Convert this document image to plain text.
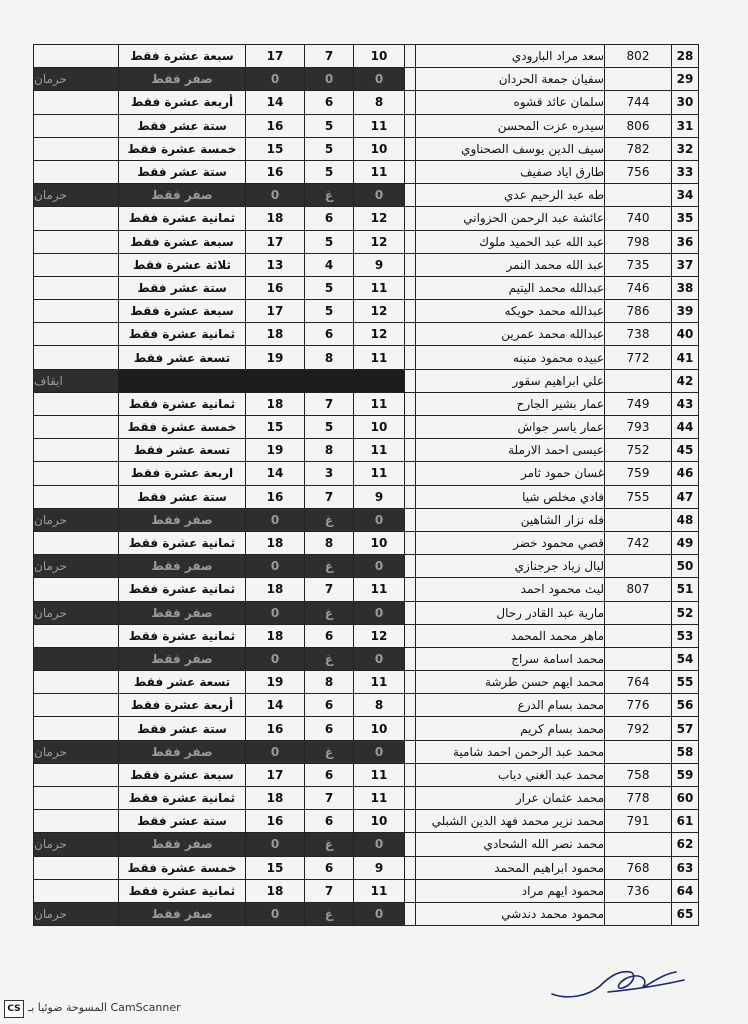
	سبعة عشرة فقط	17	7	10		سعد مراد البارودي	802	28
حرمان	صفر فقط	0	0	0		سفيان جمعة الحردان		29
	أربعة عشرة فقط	14	6	8		سلمان عائد قشوه	744	30
	ستة عشر فقط	16	5	11		سيدره عزت المحسن	806	31
	خمسة عشرة فقط	15	5	10		سيف الدين يوسف الصحناوي	782	32
	ستة عشر فقط	16	5	11		طارق اياد صفيف	756	33
حرمان	صفر فقط	0	غ	0		طه عبد الرحيم عدي		34
	ثمانية عشرة فقط	18	6	12		عائشة عبد الرحمن الحزواني	740	35
	سبعة عشرة فقط	17	5	12		عبد الله عبد الحميد ملوك	798	36
	ثلاثة عشرة فقط	13	4	9		عبد الله محمد النمر	735	37
	ستة عشر فقط	16	5	11		عبدالله محمد اليتيم	746	38
	سبعة عشرة فقط	17	5	12		عبدالله محمد حويكه	786	39
	ثمانية عشرة فقط	18	6	12		عبدالله محمد عمرين	738	40
	تسعة عشر فقط	19	8	11		عبيده محمود منينه	772	41
ايقاف						علي ابراهيم سقور		42
	ثمانية عشرة فقط	18	7	11		عمار بشير الجارح	749	43
	خمسة عشرة فقط	15	5	10		عمار ياسر جواش	793	44
	تسعة عشر فقط	19	8	11		عيسى احمد الارملة	752	45
	اربعة عشرة فقط	14	3	11		غسان حمود ثامر	759	46
	ستة عشر فقط	16	7	9		فادي مخلص شيا	755	47
حرمان	صفر فقط	0	غ	0		فله نزار الشاهين		48
	ثمانية عشرة فقط	18	8	10		قصي محمود خضر	742	49
حرمان	صفر فقط	0	غ	0		ليال زياد جرجنازي		50
	ثمانية عشرة فقط	18	7	11		ليث محمود احمد	807	51
حرمان	صفر فقط	0	غ	0		مارية عبد القادر رحال		52
	ثمانية عشرة فقط	18	6	12		ماهر محمد المحمد		53
	صفر فقط	0	غ	0		محمد اسامة سراج		54
	تسعة عشر فقط	19	8	11		محمد ايهم حسن طرشة	764	55
	أربعة عشرة فقط	14	6	8		محمد بسام الدرع	776	56
	ستة عشر فقط	16	6	10		محمد بسام كريم	792	57
حرمان	صفر فقط	0	غ	0		محمد عبد الرحمن احمد شامية		58
	سبعة عشرة فقط	17	6	11		محمد عبد الغني دياب	758	59
	ثمانية عشرة فقط	18	7	11		محمد عثمان عرار	778	60
	ستة عشر فقط	16	6	10		محمد نزير محمد فهد الدين الشبلي	791	61
حرمان	صفر فقط	0	غ	0		محمد نصر الله الشحادي		62
	خمسة عشرة فقط	15	6	9		محمود ابراهيم المحمد	768	63
	ثمانية عشرة فقط	18	7	11		محمود ايهم مراد	736	64
حرمان	صفر فقط	0	غ	0		محمود محمد دندشي		65
CS المسوحة ضوئيا بـ CamScanner
